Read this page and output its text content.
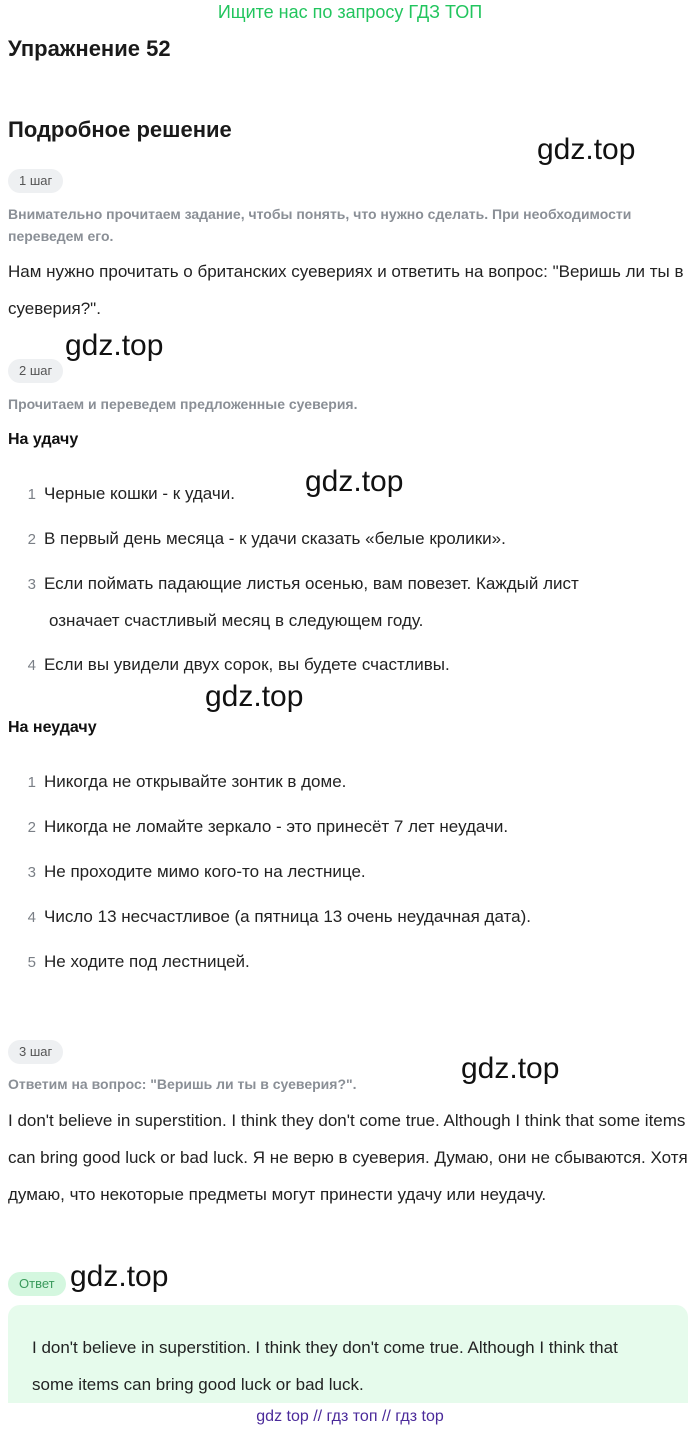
Ищите нас по запросу ГДЗ ТОП
Упражнение 52
Подробное решение
gdz.top
gdz.top
gdz.top
gdz.top
gdz.top
gdz.top
1 шаг
Внимательно прочитаем задание, чтобы понять, что нужно сделать. При необходимости переведем его.
Нам нужно прочитать о британских суевериях и ответить на вопрос: "Веришь ли ты в суеверия?".
2 шаг
Прочитаем и переведем предложенные суеверия.
На удачу
1 Черные кошки - к удачи.
2 В первый день месяца - к удачи сказать «белые кролики».
3 Если поймать падающие листья осенью, вам повезет. Каждый лист
означает счастливый месяц в следующем году.
4 Если вы увидели двух сорок, вы будете счастливы.
На неудачу
1 Никогда не открывайте зонтик в доме.
2 Никогда не ломайте зеркало - это принесёт 7 лет неудачи.
3 Не проходите мимо кого-то на лестнице.
4 Число 13 несчастливое (а пятница 13 очень неудачная дата).
5 Не ходите под лестницей.
3 шаг
Ответим на вопрос: "Веришь ли ты в суеверия?".
I don't believe in superstition. I think they don't come true. Although I think that some items can bring good luck or bad luck. Я не верю в суеверия. Думаю, они не сбываются. Хотя думаю, что некоторые предметы могут принести удачу или неудачу.
Ответ
I don't believe in superstition. I think they don't come true. Although I think that some items can bring good luck or bad luck.
gdz top // гдз топ // гдз top
